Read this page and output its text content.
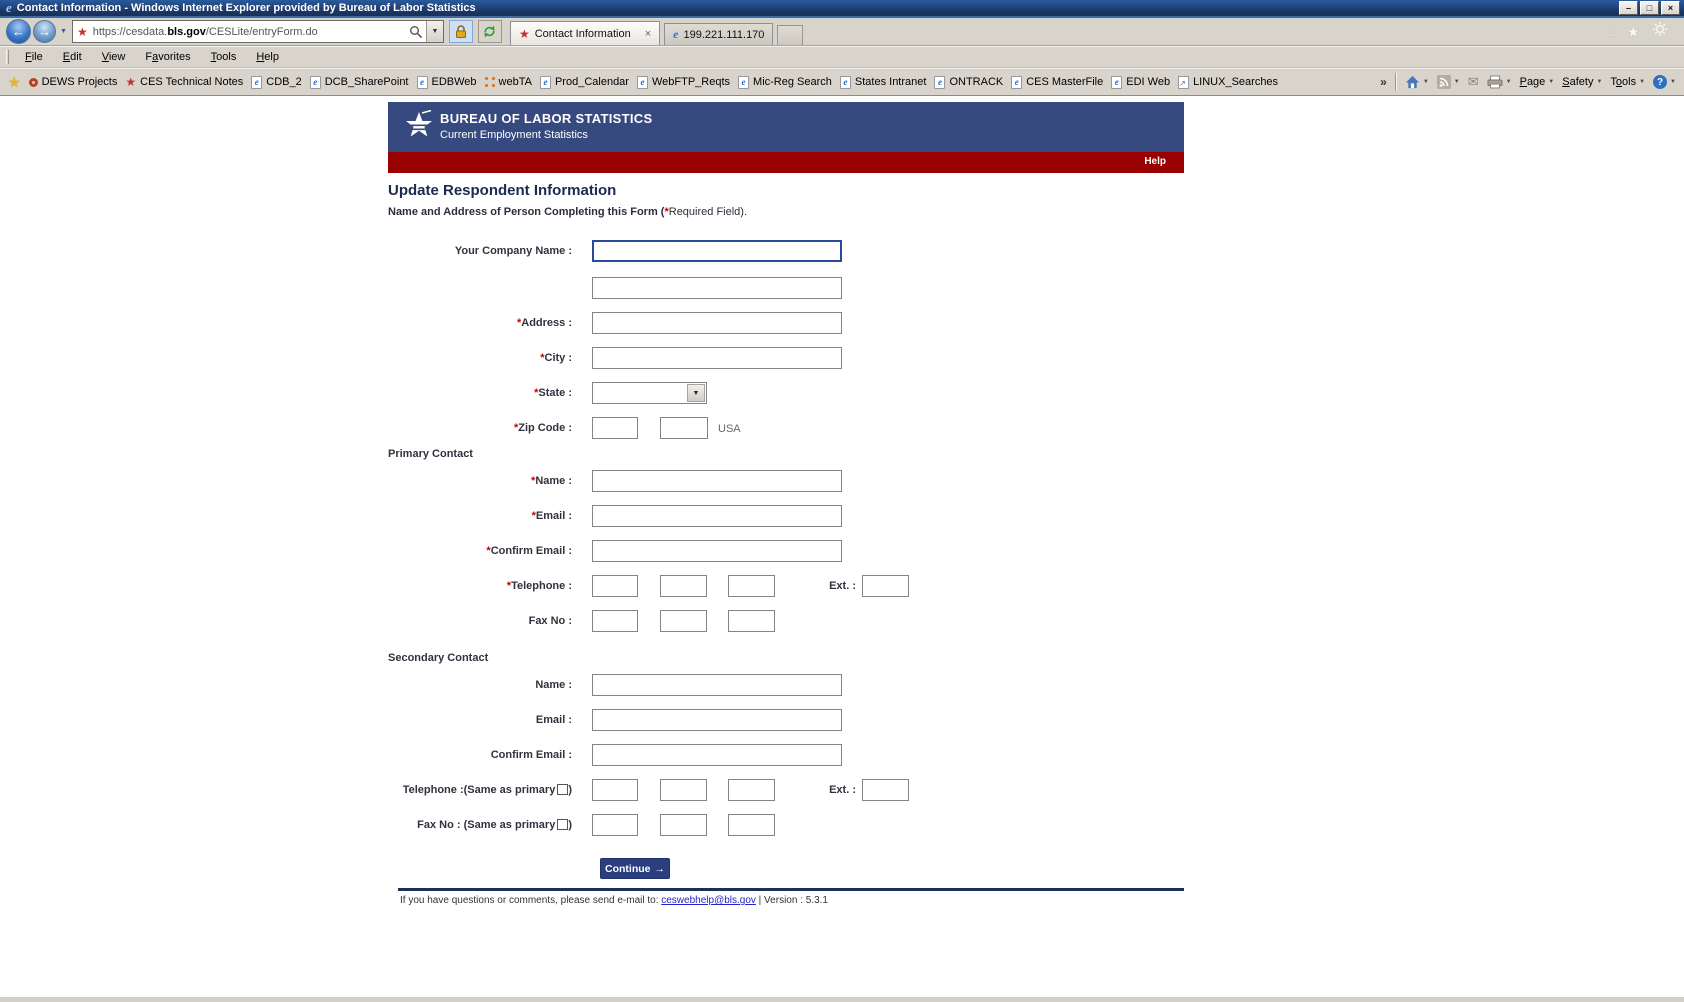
e Contact Information - Windows Internet Explorer provided by Bureau of Labor Statistics	–	□	×
←	→	▼ ★ https://cesdata.bls.gov/CESLite/entryForm.do	▼	★ Contact Information × e 199.221.111.170	⌂ ★
File	Edit	View	Favorites	Tools	Help
★ DEWS Projects ★ CES Technical Notes	e CDB_2	e DCB_SharePoint	e EDBWeb webTA	e Prod_Calendar	e WebFTP_Reqts	e Mic-Reg Search	e States Intranet	e ONTRACK	e CES MasterFile	e EDI Web ↗ LINUX_Searches	»	▼	▼ ✉	▼ Page ▼ Safety ▼ Tools ▼	?	▼
BUREAU OF LABOR STATISTICS
Current Employment Statistics
Help
Update Respondent Information
Name and Address of Person Completing this Form (*Required Field).
Your Company Name :
*Address :
*City :
*State :	▼
*Zip Code :	USA
Primary Contact
*Name :
*Email :
*Confirm Email :
*Telephone :	Ext. :
Fax No :
Secondary Contact
Name :
Email :
Confirm Email :
Telephone :(Same as primary )	Ext. :
Fax No : (Same as primary )
Continue →
If you have questions or comments, please send e-mail to: ceswebhelp@bls.gov | Version : 5.3.1
